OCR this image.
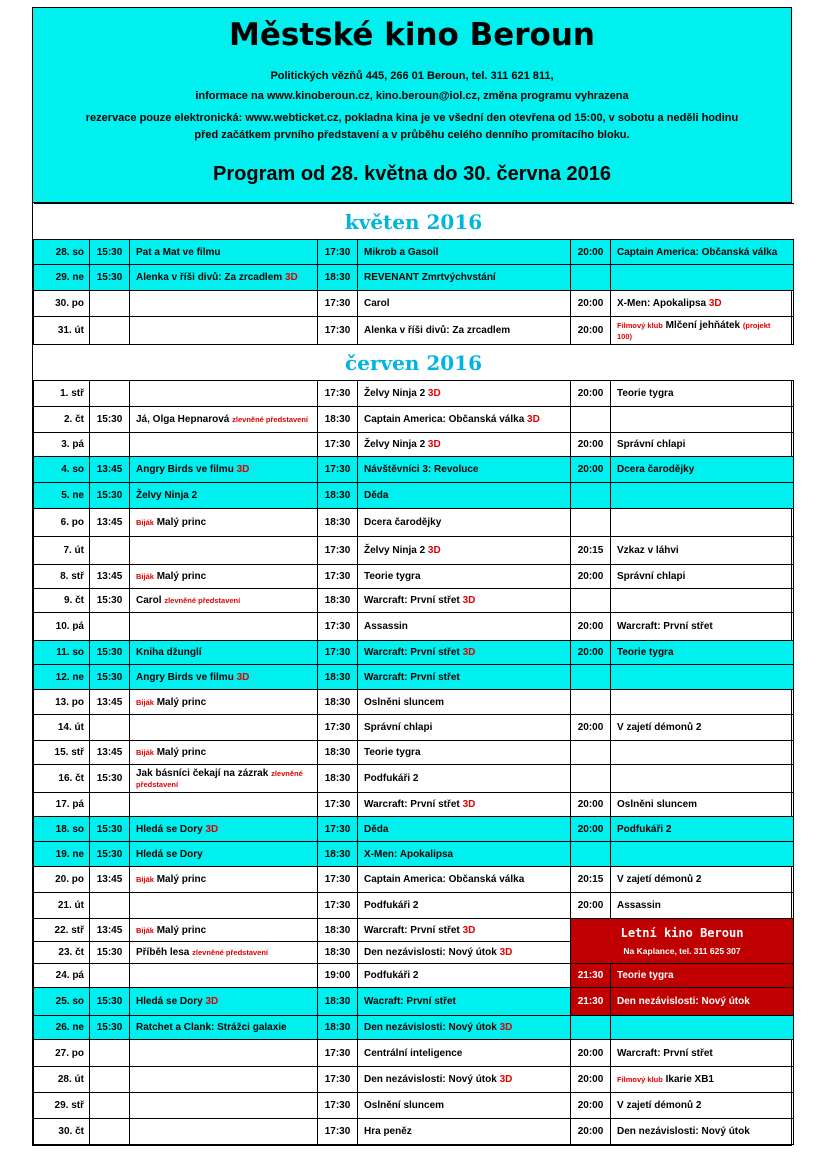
Městské kino Beroun
Politických vězňů 445, 266 01 Beroun, tel. 311 621 811,
informace na www.kinoberoun.cz, kino.beroun@iol.cz, změna programu vyhrazena
rezervace pouze elektronická: www.webticket.cz, pokladna kina je ve všední den otevřena od 15:00, v sobotu a neděli hodinu
před začátkem prvního představení a v průběhu celého denního promítacího bloku.
Program od 28. května do 30. června 2016
květen 2016						
28. so	15:30	Pat a Mat ve filmu	17:30	Mikrob a Gasoil	20:00	Captain America: Občanská válka
29. ne	15:30	Alenka v říši divů: Za zrcadlem 3D	18:30	REVENANT Zmrtvýchvstání		
30. po			17:30	Carol	20:00	X-Men: Apokalipsa 3D
31. út			17:30	Alenka v říši divů: Za zrcadlem	20:00	Filmový klub Mlčení jehňátek (projekt 100)
červen 2016						
1. stř			17:30	Želvy Ninja 2 3D	20:00	Teorie tygra
2. čt	15:30	Já, Olga Hepnarová zlevněné představení	18:30	Captain America: Občanská válka 3D		
3. pá			17:30	Želvy Ninja 2 3D	20:00	Správní chlapi
4. so	13:45	Angry Birds ve filmu 3D	17:30	Návštěvníci 3: Revoluce	20:00	Dcera čarodějky
5. ne	15:30	Želvy Ninja 2	18:30	Děda		
6. po	13:45	Biják Malý princ	18:30	Dcera čarodějky		
7. út			17:30	Želvy Ninja 2 3D	20:15	Vzkaz v láhvi
8. stř	13:45	Biják Malý princ	17:30	Teorie tygra	20:00	Správní chlapi
9. čt	15:30	Carol zlevněné představení	18:30	Warcraft: První střet 3D		
10. pá			17:30	Assassin	20:00	Warcraft: První střet
11. so	15:30	Kniha džunglí	17:30	Warcraft: První střet 3D	20:00	Teorie tygra
12. ne	15:30	Angry Birds ve filmu 3D	18:30	Warcraft: První střet		
13. po	13:45	Biják Malý princ	18:30	Oslněni sluncem		
14. út			17:30	Správní chlapi	20:00	V zajetí démonů 2
15. stř	13:45	Biják Malý princ	18:30	Teorie tygra		
16. čt	15:30	Jak básníci čekají na zázrak zlevněné představení	18:30	Podfukáři 2		
17. pá			17:30	Warcraft: První střet 3D	20:00	Oslněni sluncem
18. so	15:30	Hledá se Dory 3D	17:30	Děda	20:00	Podfukáři 2
19. ne	15:30	Hledá se Dory	18:30	X-Men: Apokalipsa		
20. po	13:45	Biják Malý princ	17:30	Captain America: Občanská válka	20:15	V zajetí démonů 2
21. út			17:30	Podfukáři 2	20:00	Assassin
22. stř	13:45	Biják Malý princ	18:30	Warcraft: První střet 3D	Letní kino Beroun
Na Kaplance, tel. 311 625 307	

23. čt	15:30	Příběh lesa zlevněné představení	18:30	Den nezávislosti: Nový útok 3D		
24. pá			19:00	Podfukáři 2	21:30	Teorie tygra
25. so	15:30	Hledá se Dory 3D	18:30	Wacraft: První střet	21:30	Den nezávislosti: Nový útok
26. ne	15:30	Ratchet a Clank: Strážci galaxie	18:30	Den nezávislosti: Nový útok 3D		
27. po			17:30	Centrální inteligence	20:00	Warcraft: První střet
28. út			17:30	Den nezávislosti: Nový útok 3D	20:00	Filmový klub Ikarie XB1
29. stř			17:30	Oslnění sluncem	20:00	V zajetí démonů 2
30. čt			17:30	Hra peněz	20:00	Den nezávislosti: Nový útok
